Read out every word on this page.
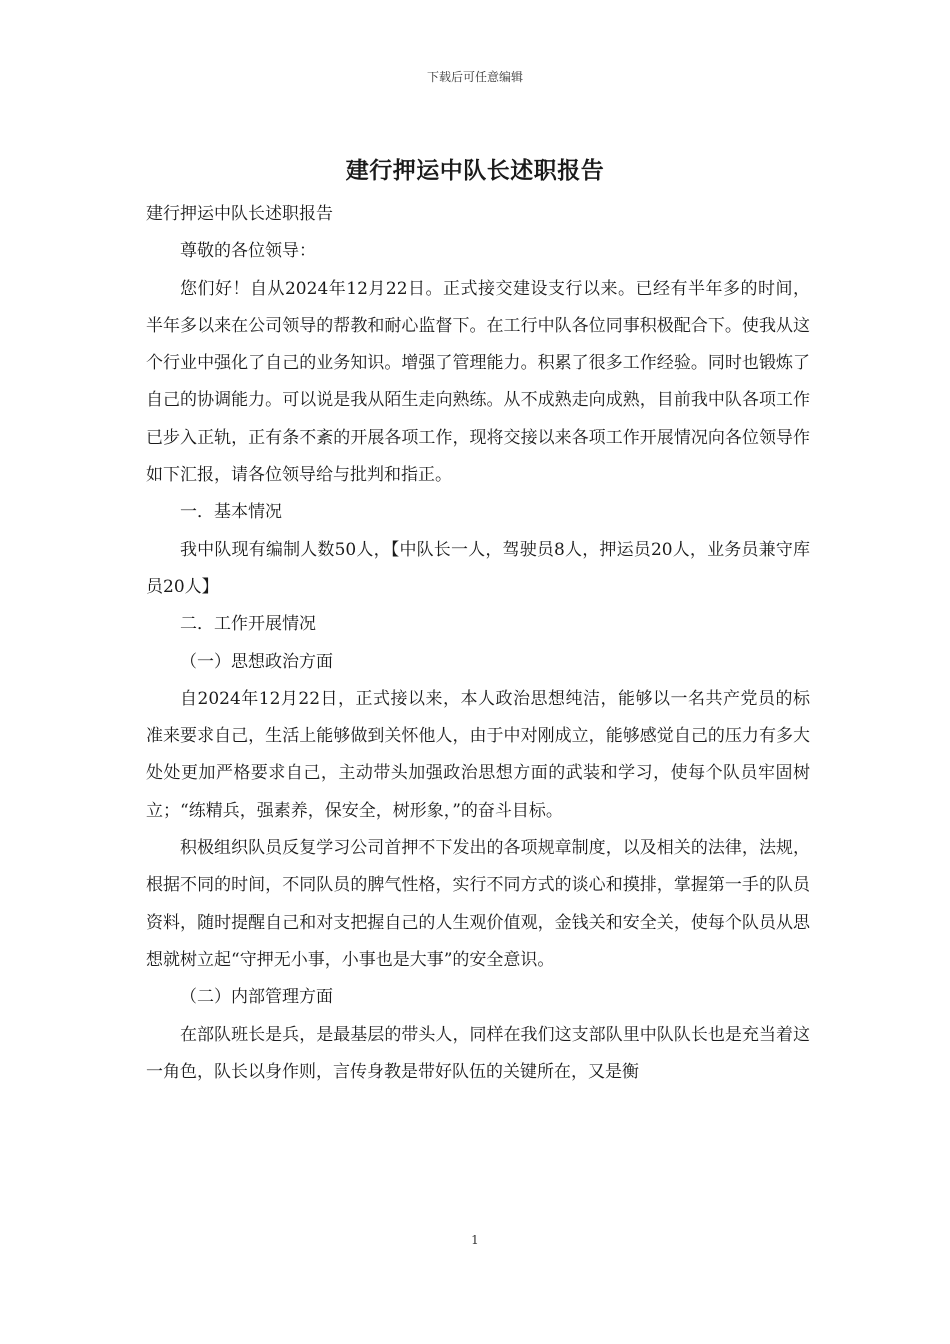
下载后可任意编辑
建行押运中队长述职报告

建行押运中队长述职报告

尊敬的各位领导：

您们好！自从2024年12月22日。正式接交建设支行以来。已经有半年多的时间，半年多以来在公司领导的帮教和耐心监督下。在工行中队各位同事积极配合下。使我从这个行业中强化了自己的业务知识。增强了管理能力。积累了很多工作经验。同时也锻炼了自己的协调能力。可以说是我从陌生走向熟练。从不成熟走向成熟，目前我中队各项工作已步入正轨，正有条不紊的开展各项工作，现将交接以来各项工作开展情况向各位领导作如下汇报，请各位领导给与批判和指正。

一．基本情况

我中队现有编制人数50人，【中队长一人，驾驶员8人，押运员20人，业务员兼守库员20人】

二．工作开展情况

（一）思想政治方面

自2024年12月22日，正式接以来，本人政治思想纯洁，能够以一名共产党员的标准来要求自己，生活上能够做到关怀他人，由于中对刚成立，能够感觉自己的压力有多大处处更加严格要求自己，主动带头加强政治思想方面的武装和学习，使每个队员牢固树立；“练精兵，强素养，保安全，树形象，”的奋斗目标。

积极组织队员反复学习公司首押不下发出的各项规章制度，以及相关的法律，法规，根据不同的时间，不同队员的脾气性格，实行不同方式的谈心和摸排，掌握第一手的队员资料，随时提醒自己和对支把握自己的人生观价值观，金钱关和安全关，使每个队员从思想就树立起“守押无小事，小事也是大事”的安全意识。

（二）内部管理方面

在部队班长是兵，是最基层的带头人，同样在我们这支部队里中队队长也是充当着这一角色，队长以身作则，言传身教是带好队伍的关键所在，又是衡

1
